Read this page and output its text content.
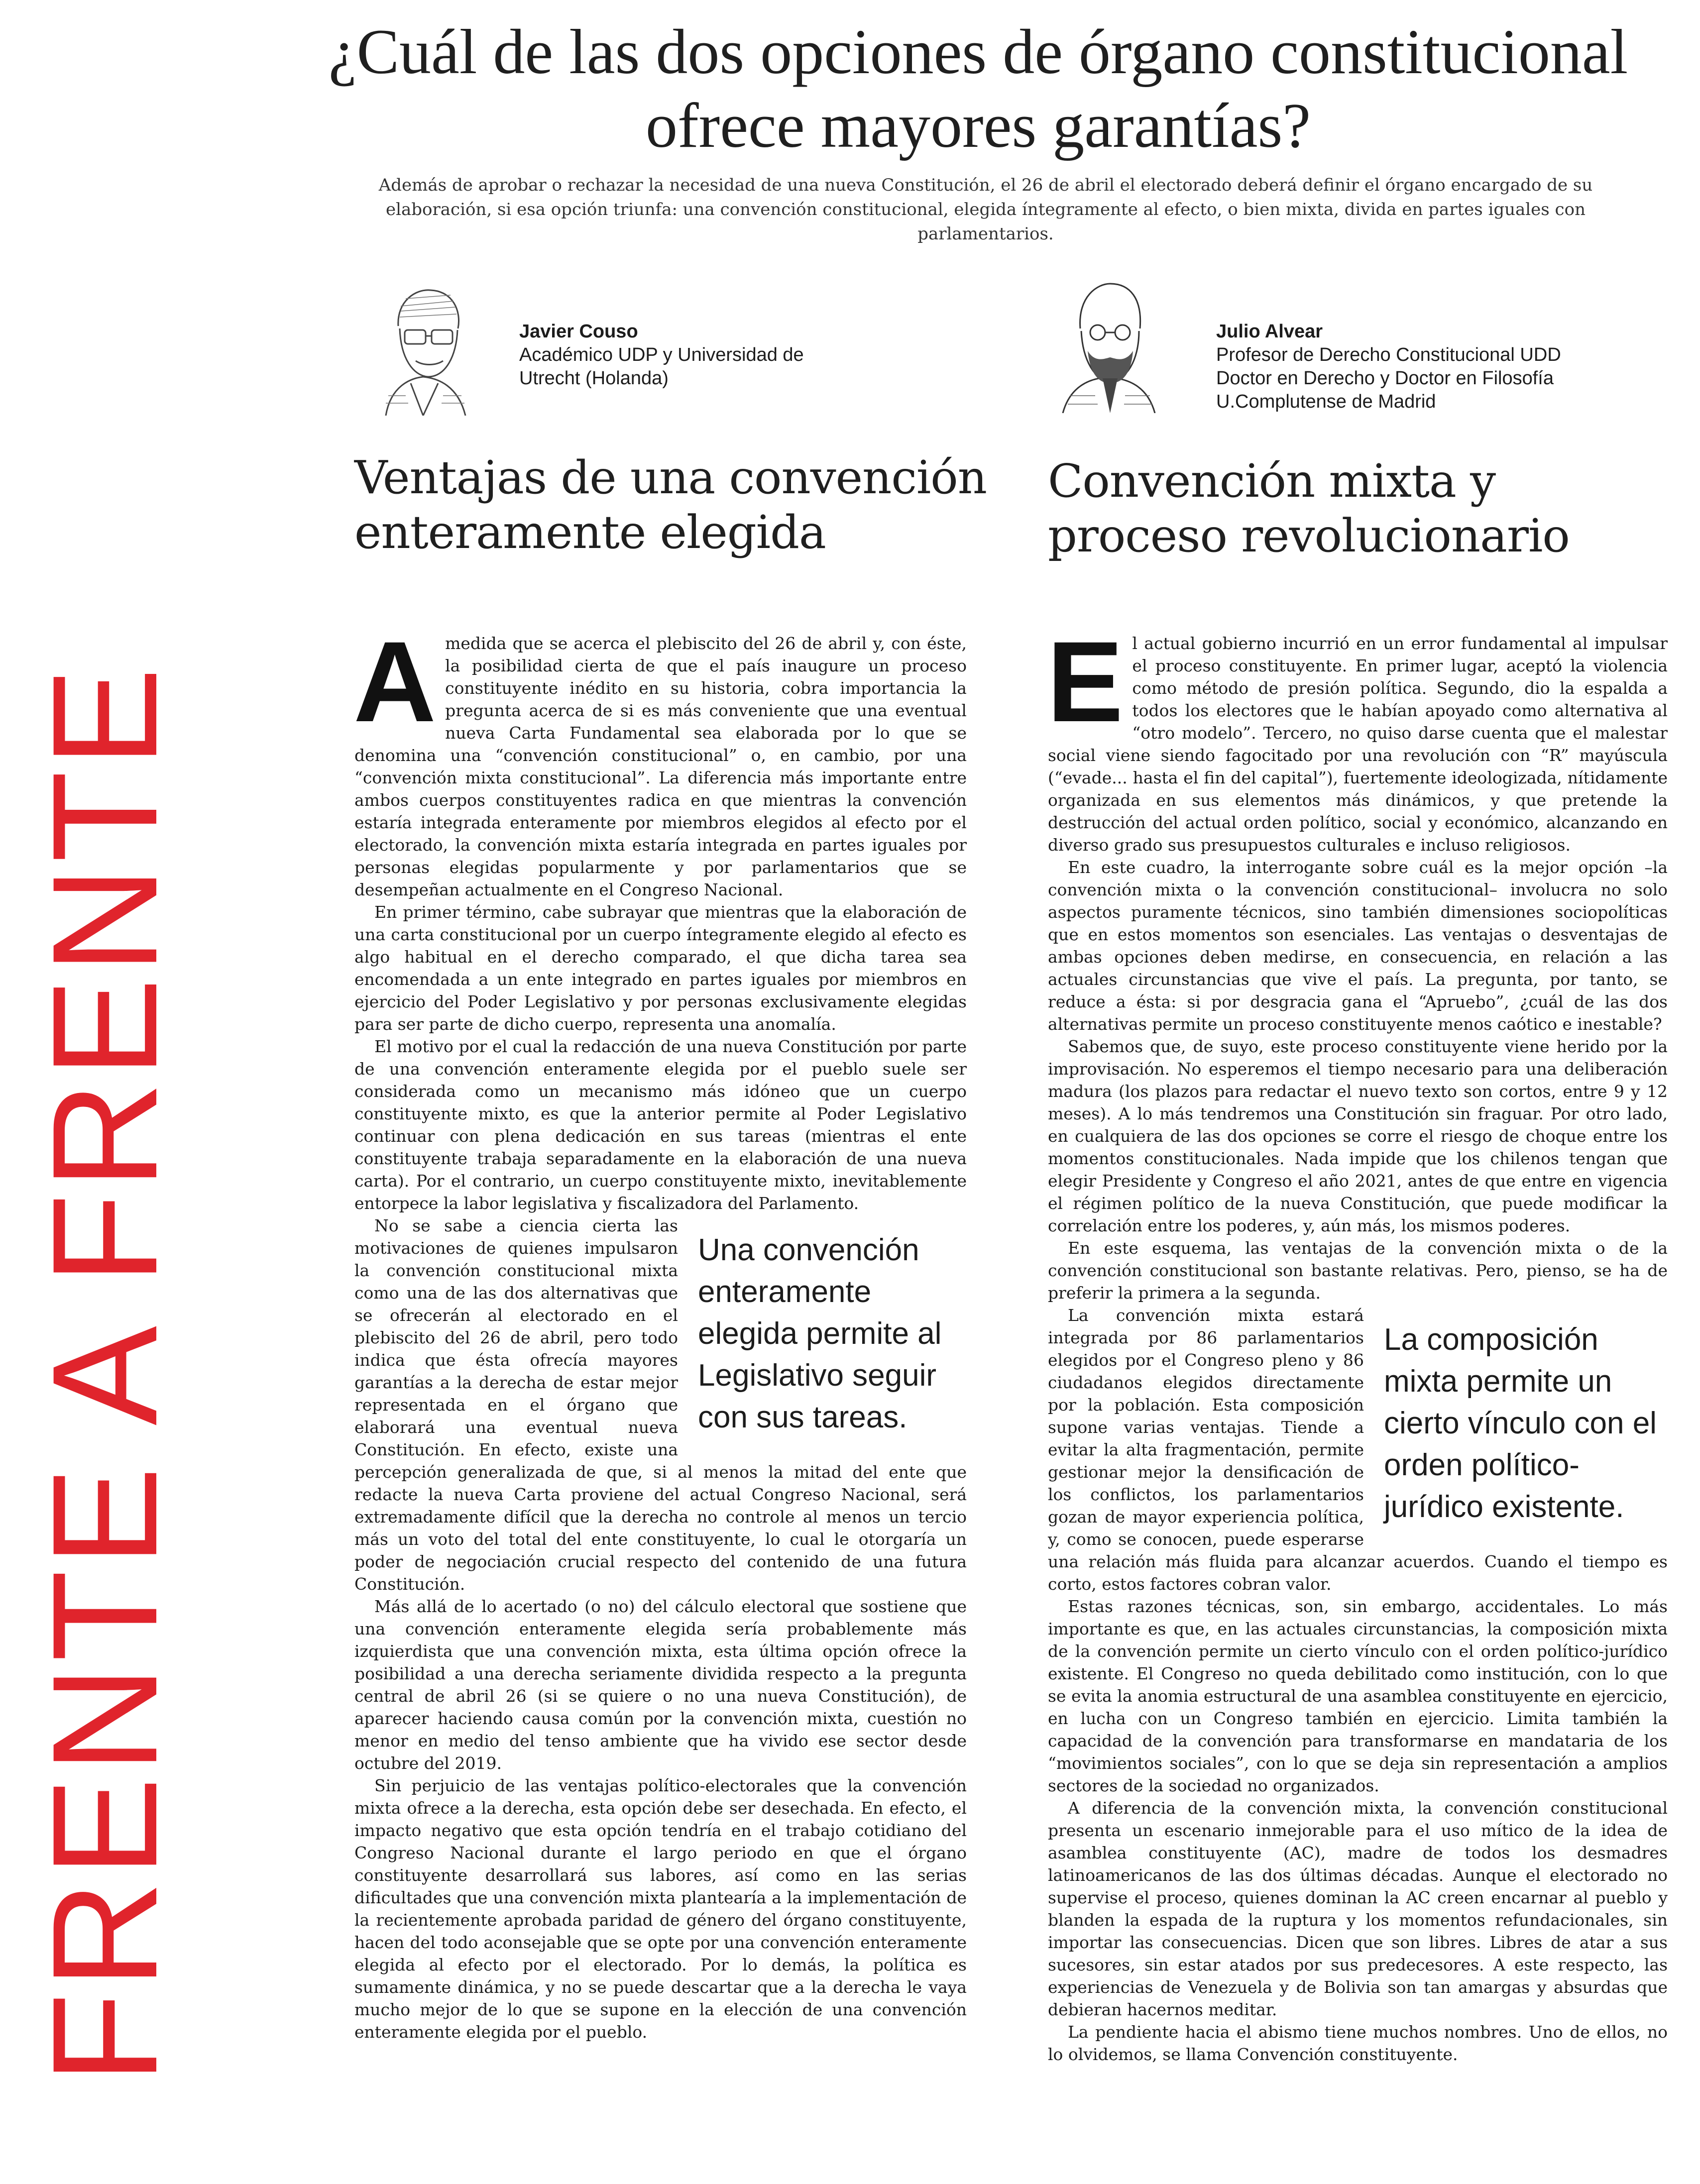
¿Cuál de las dos opciones de órgano constitucional ofrece mayores garantías?
Además de aprobar o rechazar la necesidad de una nueva Constitución, el 26 de abril el electorado deberá definir el órgano encargado de su elaboración, si esa opción triunfa: una convención constitucional, elegida íntegramente al efecto, o bien mixta, divida en partes iguales con parlamentarios.
FRENTE A FRENTE
Javier Couso
Académico UDP y Universidad de
Utrecht (Holanda)
Julio Alvear
Profesor de Derecho Constitucional UDD
Doctor en Derecho y Doctor en Filosofía
U.Complutense de Madrid
Ventajas de una convención
enteramente elegida
Convención mixta y
proceso revolucionario
A medida que se acerca el plebiscito del 26 de abril y, con éste, la posibilidad cierta de que el país inaugure un proceso constituyente inédito en su historia, cobra importancia la pregunta acerca de si es más conveniente que una eventual nueva Carta Fundamental sea elaborada por lo que se denomina una “convención constitucional” o, en cambio, por una “convención mixta constitucional”. La diferencia más importante entre ambos cuerpos constituyentes radica en que mientras la convención estaría integrada enteramente por miembros elegidos al efecto por el electorado, la convención mixta estaría integrada en partes iguales por personas elegidas popularmente y por parlamentarios que se desempeñan actualmente en el Congreso Nacional.

En primer término, cabe subrayar que mientras que la elaboración de una carta constitucional por un cuerpo íntegramente elegido al efecto es algo habitual en el derecho comparado, el que dicha tarea sea encomendada a un ente integrado en partes iguales por miembros en ejercicio del Poder Legislativo y por personas exclusivamente elegidas para ser parte de dicho cuerpo, representa una anomalía.

El motivo por el cual la redacción de una nueva Constitución por parte de una convención enteramente elegida por el pueblo suele ser considerada como un mecanismo más idóneo que un cuerpo constituyente mixto, es que la anterior permite al Poder Legislativo continuar con plena dedicación en sus tareas (mientras el ente constituyente trabaja separadamente en la elaboración de una nueva carta). Por el contrario, un cuerpo constituyente mixto, inevitablemente entorpece la labor legislativa y fiscalizadora del Parlamento.

Una convención enteramente elegida permite al Legislativo seguir con sus tareas.

No se sabe a ciencia cierta las motivaciones de quienes impulsaron la convención constitucional mixta como una de las dos alternativas que se ofrecerán al electorado en el plebiscito del 26 de abril, pero todo indica que ésta ofrecía mayores garantías a la derecha de estar mejor representada en el órgano que elaborará una eventual nueva Constitución. En efecto, existe una percepción generalizada de que, si al menos la mitad del ente que redacte la nueva Carta proviene del actual Congreso Nacional, será extremadamente difícil que la derecha no controle al menos un tercio más un voto del total del ente constituyente, lo cual le otorgaría un poder de negociación crucial respecto del contenido de una futura Constitución.

Más allá de lo acertado (o no) del cálculo electoral que sostiene que una convención enteramente elegida sería probablemente más izquierdista que una convención mixta, esta última opción ofrece la posibilidad a una derecha seriamente dividida respecto a la pregunta central de abril 26 (si se quiere o no una nueva Constitución), de aparecer haciendo causa común por la convención mixta, cuestión no menor en medio del tenso ambiente que ha vivido ese sector desde octubre del 2019.

Sin perjuicio de las ventajas político-electorales que la convención mixta ofrece a la derecha, esta opción debe ser desechada. En efecto, el impacto negativo que esta opción tendría en el trabajo cotidiano del Congreso Nacional durante el largo periodo en que el órgano constituyente desarrollará sus labores, así como en las serias dificultades que una convención mixta plantearía a la implementación de la recientemente aprobada paridad de género del órgano constituyente, hacen del todo aconsejable que se opte por una convención enteramente elegida al efecto por el electorado. Por lo demás, la política es sumamente dinámica, y no se puede descartar que a la derecha le vaya mucho mejor de lo que se supone en la elección de una convención enteramente elegida por el pueblo.

E l actual gobierno incurrió en un error fundamental al impulsar el proceso constituyente. En primer lugar, aceptó la violencia como método de presión política. Segundo, dio la espalda a todos los electores que le habían apoyado como alternativa al “otro modelo”. Tercero, no quiso darse cuenta que el malestar social viene siendo fagocitado por una revolución con “R” mayúscula (“evade... hasta el fin del capital”), fuertemente ideologizada, nítidamente organizada en sus elementos más dinámicos, y que pretende la destrucción del actual orden político, social y económico, alcanzando en diverso grado sus presupuestos culturales e incluso religiosos.

En este cuadro, la interrogante sobre cuál es la mejor opción –la convención mixta o la convención constitucional– involucra no solo aspectos puramente técnicos, sino también dimensiones sociopolíticas que en estos momentos son esenciales. Las ventajas o desventajas de ambas opciones deben medirse, en consecuencia, en relación a las actuales circunstancias que vive el país. La pregunta, por tanto, se reduce a ésta: si por desgracia gana el “Apruebo”, ¿cuál de las dos alternativas permite un proceso constituyente menos caótico e inestable?

Sabemos que, de suyo, este proceso constituyente viene herido por la improvisación. No esperemos el tiempo necesario para una deliberación madura (los plazos para redactar el nuevo texto son cortos, entre 9 y 12 meses). A lo más tendremos una Constitución sin fraguar. Por otro lado, en cualquiera de las dos opciones se corre el riesgo de choque entre los momentos constitucionales. Nada impide que los chilenos tengan que elegir Presidente y Congreso el año 2021, antes de que entre en vigencia el régimen político de la nueva Constitución, que puede modificar la correlación entre los poderes, y, aún más, los mismos poderes.

En este esquema, las ventajas de la convención mixta o de la convención constitucional son bastante relativas. Pero, pienso, se ha de preferir la primera a la segunda.

La composición mixta permite un cierto vínculo con el orden político-jurídico existente.

La convención mixta estará integrada por 86 parlamentarios elegidos por el Congreso pleno y 86 ciudadanos elegidos directamente por la población. Esta composición supone varias ventajas. Tiende a evitar la alta fragmentación, permite gestionar mejor la densificación de los conflictos, los parlamentarios gozan de mayor experiencia política, y, como se conocen, puede esperarse una relación más fluida para alcanzar acuerdos. Cuando el tiempo es corto, estos factores cobran valor.

Estas razones técnicas, son, sin embargo, accidentales. Lo más importante es que, en las actuales circunstancias, la composición mixta de la convención permite un cierto vínculo con el orden político-jurídico existente. El Congreso no queda debilitado como institución, con lo que se evita la anomia estructural de una asamblea constituyente en ejercicio, en lucha con un Congreso también en ejercicio. Limita también la capacidad de la convención para transformarse en mandataria de los “movimientos sociales”, con lo que se deja sin representación a amplios sectores de la sociedad no organizados.

A diferencia de la convención mixta, la convención constitucional presenta un escenario inmejorable para el uso mítico de la idea de asamblea constituyente (AC), madre de todos los desmadres latinoamericanos de las dos últimas décadas. Aunque el electorado no supervise el proceso, quienes dominan la AC creen encarnar al pueblo y blanden la espada de la ruptura y los momentos refundacionales, sin importar las consecuencias. Dicen que son libres. Libres de atar a sus sucesores, sin estar atados por sus predecesores. A este respecto, las experiencias de Venezuela y de Bolivia son tan amargas y absurdas que debieran hacernos meditar.

La pendiente hacia el abismo tiene muchos nombres. Uno de ellos, no lo olvidemos, se llama Convención constituyente.
